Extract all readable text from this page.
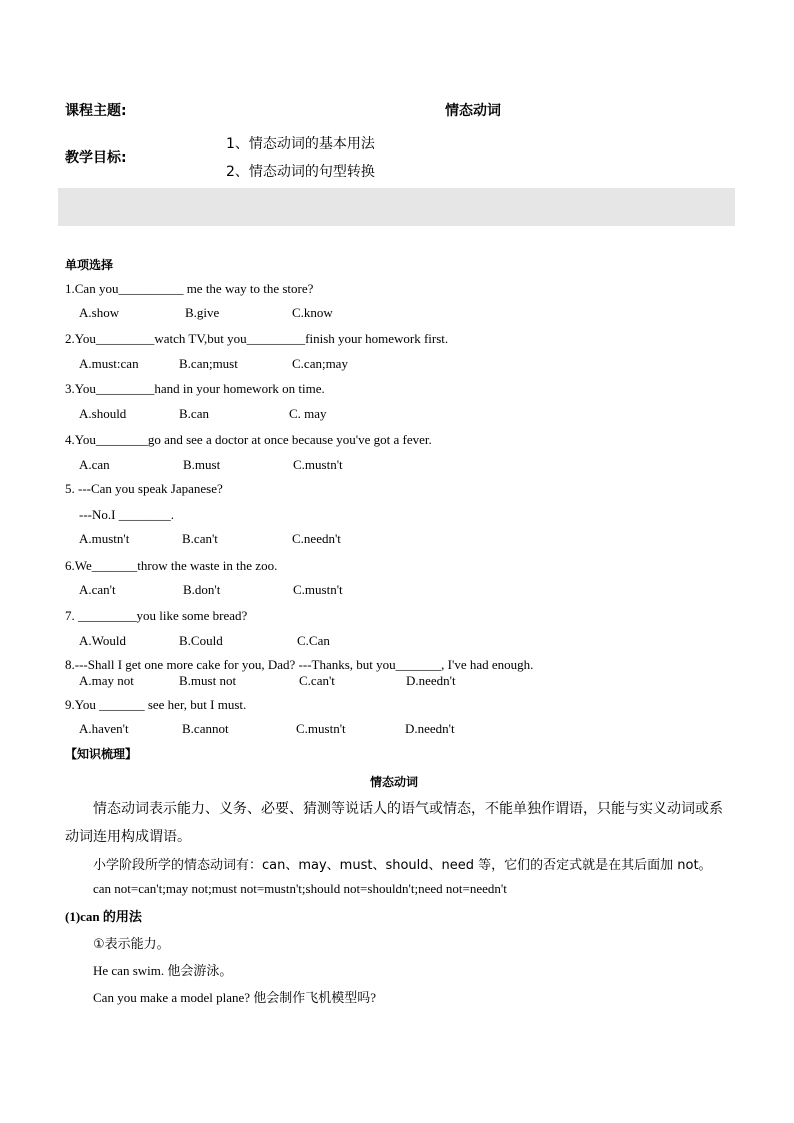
课程主题:	情态动词
教学目标:
1、情态动词的基本用法
2、情态动词的句型转换
单项选择
1.Can you__________ me the way to the store?
A.show	B.give	C.know
2.You_________watch TV,but you_________finish your homework first.
A.must:can	B.can;must	C.can;may
3.You_________hand in your homework on time.
A.should	B.can	C. may
4.You________go and see a doctor at once because you've got a fever.
A.can	B.must	C.mustn't
5. ---Can you speak Japanese?
---No.I ________.
A.mustn't	B.can't	C.needn't
6.We_______throw the waste in the zoo.
A.can't	B.don't	C.mustn't
7. _________you like some bread?
A.Would	B.Could	C.Can
8.---Shall I get one more cake for you, Dad? ---Thanks, but you_______, I've had enough.
A.may not	B.must not	C.can't	D.needn't
9.You _______ see her, but I must.
A.haven't	B.cannot	C.mustn't	D.needn't
【知识梳理】
情态动词
情态动词表示能力、义务、必要、猜测等说话人的语气或情态，不能单独作谓语，只能与实义动词或系
动词连用构成谓语。
小学阶段所学的情态动词有：can、may、must、should、need 等，它们的否定式就是在其后面加 not。
can not=can't;may not;must not=mustn't;should not=shouldn't;need not=needn't
(1)can 的用法
①表示能力。
He can swim. 他会游泳。
Can you make a model plane? 他会制作飞机模型吗?
